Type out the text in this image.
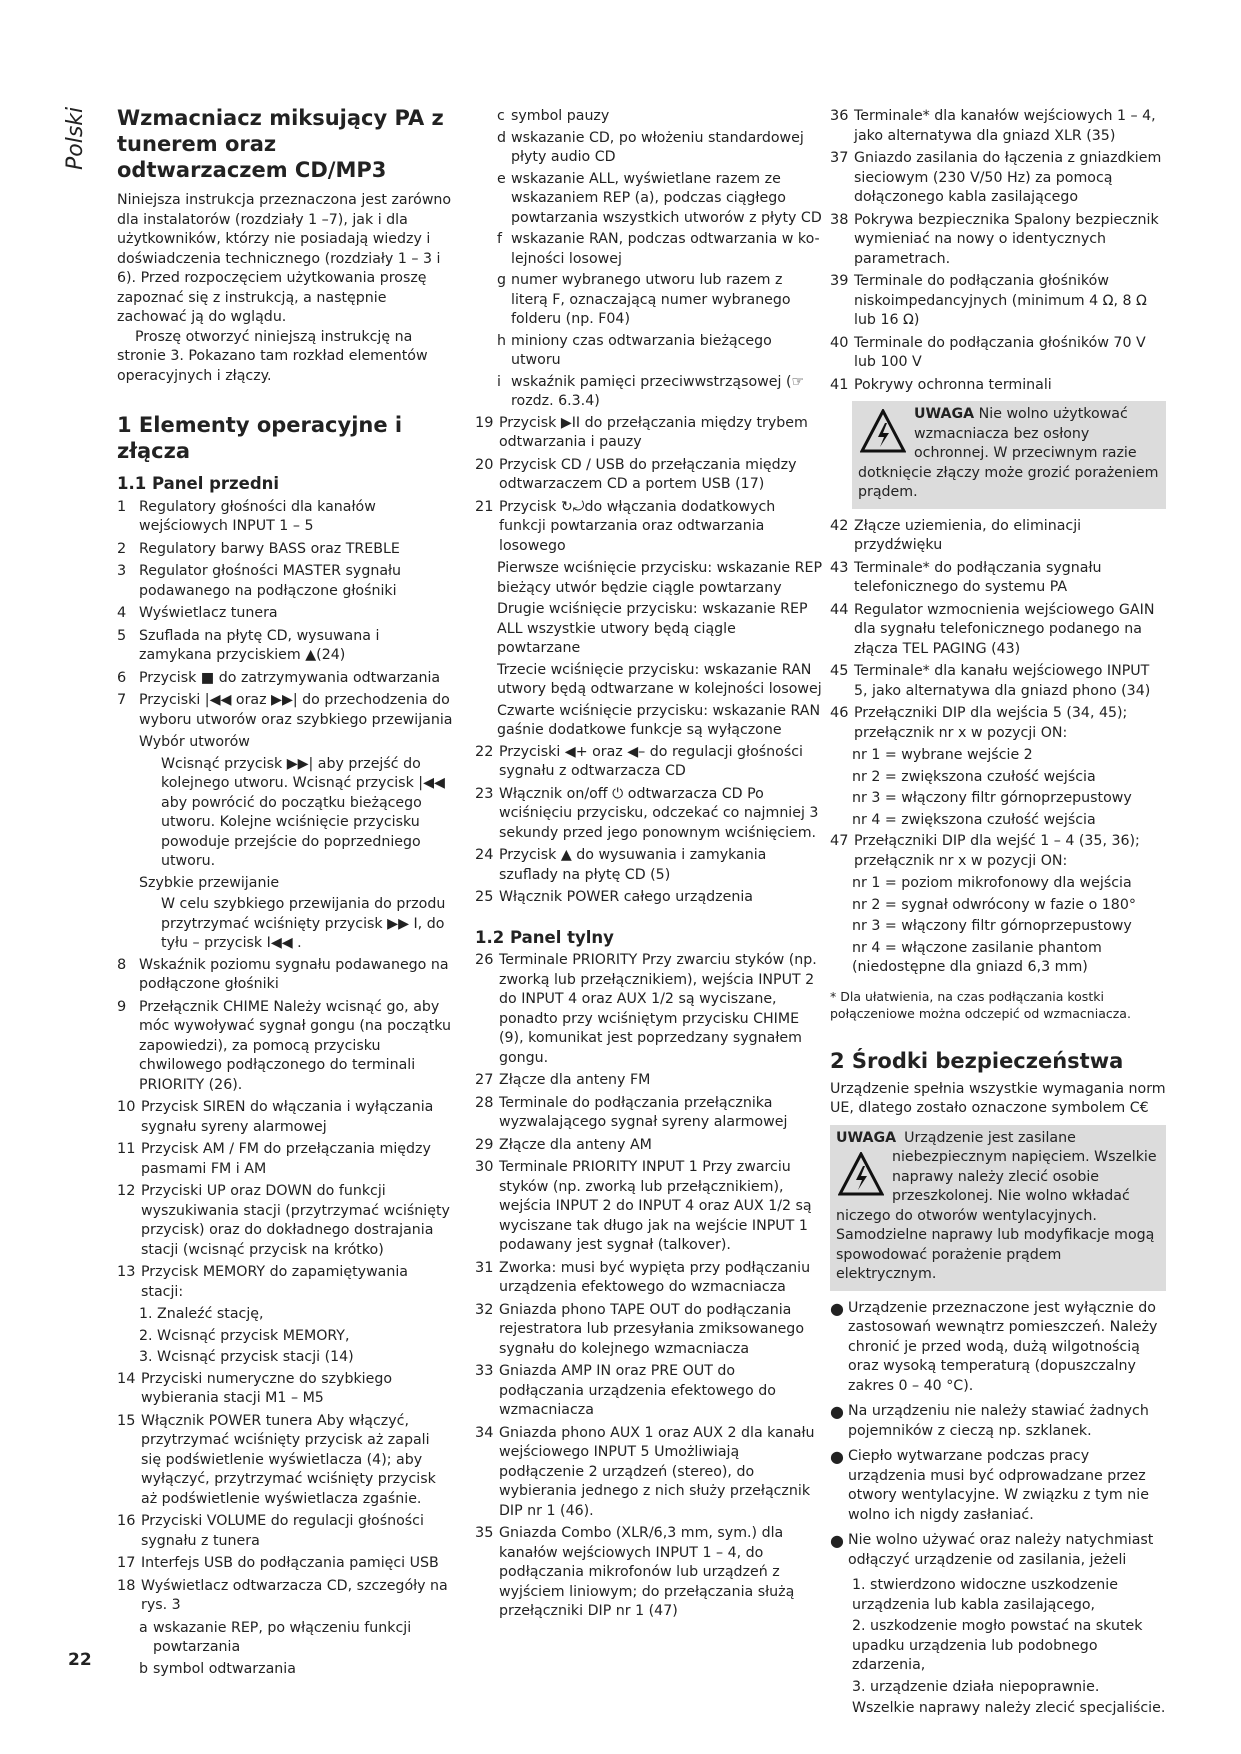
Polski
22
Wzmacniacz miksujący PA z tunerem oraz odtwarzaczem CD/MP3

Niniejsza instrukcja przeznaczona jest zarówno dla instalatorów (rozdziały 1 –7), jak i dla użytkowników, którzy nie posiadają wiedzy i doświadczenia technicznego (rozdziały 1 – 3 i 6). Przed rozpoczęciem użytkowania proszę zapoznać się z instrukcją, a następnie zachować ją do wglądu.

Proszę otworzyć niniejszą instrukcję na stronie 3. Pokazano tam rozkład elementów operacyjnych i złączy.

1 Elementy operacyjne i złącza
1.1 Panel przedni
1 Regulatory głośności dla kanałów wejściowych INPUT 1 – 5
2 Regulatory barwy BASS oraz TREBLE
3 Regulator głośności MASTER sygnału podawanego na podłączone głośniki
4 Wyświetlacz tunera
5 Szuflada na płytę CD, wysuwana i zamykana przyciskiem ▲(24)
6 Przycisk ■ do zatrzymywania odtwarzania
7 Przyciski |◀◀ oraz ▶▶| do przechodzenia do wyboru utworów oraz szybkiego przewijania
Wybór utworów
Wcisnąć przycisk ▶▶| aby przejść do kolejnego utworu. Wcisnąć przycisk |◀◀ aby powrócić do początku bieżącego utworu. Kolejne wciśnięcie przycisku powoduje przejście do poprzedniego utworu.
Szybkie przewijanie
W celu szybkiego przewijania do przodu przytrzymać wciśnięty przycisk ▶▶ I, do tyłu – przycisk I◀◀ .
8 Wskaźnik poziomu sygnału podawanego na podłączone głośniki
9 Przełącznik CHIME Należy wcisnąć go, aby móc wywoływać sygnał gongu (na początku zapowiedzi), za pomocą przycisku chwilowego podłączonego do terminali PRIORITY (26).
10 Przycisk SIREN do włączania i wyłączania sygnału syreny alarmowej
11 Przycisk AM / FM do przełączania między pasmami FM i AM
12 Przyciski UP oraz DOWN do funkcji wyszukiwania stacji (przytrzymać wciśnięty przycisk) oraz do dokładnego dostrajania stacji (wcisnąć przycisk na krótko)
13 Przycisk MEMORY do zapamiętywania stacji:
1. Znaleźć stację,
2. Wcisnąć przycisk MEMORY,
3. Wcisnąć przycisk stacji (14)
14 Przyciski numeryczne do szybkiego wybierania stacji M1 – M5
15 Włącznik POWER tunera Aby włączyć, przytrzymać wciśnięty przycisk aż zapali się podświetlenie wyświetlacza (4); aby wyłączyć, przytrzymać wciśnięty przycisk aż podświetlenie wyświetlacza zgaśnie.
16 Przyciski VOLUME do regulacji głośności sygnału z tunera
17 Interfejs USB do podłączania pamięci USB
18 Wyświetlacz odtwarzacza CD, szczegóły na rys. 3
a wskazanie REP, po włączeniu funkcji powtarzania
b symbol odtwarzania
c symbol pauzy
d wskazanie CD, po włożeniu standardowej płyty audio CD
e wskazanie ALL, wyświetlane razem ze wskazaniem REP (a), podczas ciągłego powtarzania wszystkich utworów z płyty CD
f wskazanie RAN, podczas odtwarzania w ko-lejności losowej
g numer wybranego utworu lub razem z literą F, oznaczającą numer wybranego folderu (np. F04)
h miniony czas odtwarzania bieżącego utworu
i wskaźnik pamięci przeciwwstrząsowej (☞ rozdz. 6.3.4)
19 Przycisk ▶II do przełączania między trybem odtwarzania i pauzy
20 Przycisk CD / USB do przełączania między odtwarzaczem CD a portem USB (17)
21 Przycisk ↻⤾do włączania dodatkowych funkcji powtarzania oraz odtwarzania losowego
Pierwsze wciśnięcie przycisku: wskazanie REP bieżący utwór będzie ciągle powtarzany
Drugie wciśnięcie przycisku: wskazanie REP ALL wszystkie utwory będą ciągle powtarzane
Trzecie wciśnięcie przycisku: wskazanie RAN utwory będą odtwarzane w kolejności losowej
Czwarte wciśnięcie przycisku: wskazanie RAN gaśnie dodatkowe funkcje są wyłączone
22 Przyciski ◀+ oraz ◀– do regulacji głośności sygnału z odtwarzacza CD
23 Włącznik on/off ⏻ odtwarzacza CD Po wciśnięciu przycisku, odczekać co najmniej 3 sekundy przed jego ponownym wciśnięciem.
24 Przycisk ▲ do wysuwania i zamykania szuflady na płytę CD (5)
25 Włącznik POWER całego urządzenia
1.2 Panel tylny
26 Terminale PRIORITY Przy zwarciu styków (np. zworką lub przełącznikiem), wejścia INPUT 2 do INPUT 4 oraz AUX 1/2 są wyciszane, ponadto przy wciśniętym przycisku CHIME (9), komunikat jest poprzedzany sygnałem gongu.
27 Złącze dla anteny FM
28 Terminale do podłączania przełącznika wyzwalającego sygnał syreny alarmowej
29 Złącze dla anteny AM
30 Terminale PRIORITY INPUT 1 Przy zwarciu styków (np. zworką lub przełącznikiem), wejścia INPUT 2 do INPUT 4 oraz AUX 1/2 są wyciszane tak długo jak na wejście INPUT 1 podawany jest sygnał (talkover).
31 Zworka: musi być wypięta przy podłączaniu urządzenia efektowego do wzmacniacza
32 Gniazda phono TAPE OUT do podłączania rejestratora lub przesyłania zmiksowanego sygnału do kolejnego wzmacniacza
33 Gniazda AMP IN oraz PRE OUT do podłączania urządzenia efektowego do wzmacniacza
34 Gniazda phono AUX 1 oraz AUX 2 dla kanału wejściowego INPUT 5 Umożliwiają podłączenie 2 urządzeń (stereo), do wybierania jednego z nich służy przełącznik DIP nr 1 (46).
35 Gniazda Combo (XLR/6,3 mm, sym.) dla kanałów wejściowych INPUT 1 – 4, do podłączania mikrofonów lub urządzeń z wyjściem liniowym; do przełączania służą przełączniki DIP nr 1 (47)
36 Terminale* dla kanałów wejściowych 1 – 4, jako alternatywa dla gniazd XLR (35)
37 Gniazdo zasilania do łączenia z gniazdkiem sieciowym (230 V/50 Hz) za pomocą dołączonego kabla zasilającego
38 Pokrywa bezpiecznika Spalony bezpiecznik wymieniać na nowy o identycznych parametrach.
39 Terminale do podłączania głośników niskoimpedancyjnych (minimum 4 Ω, 8 Ω lub 16 Ω)
40 Terminale do podłączania głośników 70 V lub 100 V
41 Pokrywy ochronna terminali
UWAGA Nie wolno użytkować wzmacniacza bez osłony ochronnej. W przeciwnym razie dotknięcie złączy może grozić porażeniem prądem.
42 Złącze uziemienia, do eliminacji przydźwięku
43 Terminale* do podłączania sygnału telefonicznego do systemu PA
44 Regulator wzmocnienia wejściowego GAIN dla sygnału telefonicznego podanego na złącza TEL PAGING (43)
45 Terminale* dla kanału wejściowego INPUT 5, jako alternatywa dla gniazd phono (34)
46 Przełączniki DIP dla wejścia 5 (34, 45); przełącznik nr x w pozycji ON:
nr 1 = wybrane wejście 2
nr 2 = zwiększona czułość wejścia
nr 3 = włączony filtr górnoprzepustowy
nr 4 = zwiększona czułość wejścia
47 Przełączniki DIP dla wejść 1 – 4 (35, 36); przełącznik nr x w pozycji ON:
nr 1 = poziom mikrofonowy dla wejścia
nr 2 = sygnał odwrócony w fazie o 180°
nr 3 = włączony filtr górnoprzepustowy
nr 4 = włączone zasilanie phantom (niedostępne dla gniazd 6,3 mm)

* Dla ułatwienia, na czas podłączania kostki połączeniowe można odczepić od wzmacniacza.

2 Środki bezpieczeństwa

Urządzenie spełnia wszystkie wymagania norm UE, dlatego zostało oznaczone symbolem C€

UWAGA Urządzenie jest zasilane niebezpiecznym napięciem. Wszelkie naprawy należy zlecić osobie przeszkolonej. Nie wolno wkładać niczego do otworów wentylacyjnych. Samodzielne naprawy lub modyfikacje mogą spowodować porażenie prądem elektrycznym.
● Urządzenie przeznaczone jest wyłącznie do zastosowań wewnątrz pomieszczeń. Należy chronić je przed wodą, dużą wilgotnością oraz wysoką temperaturą (dopuszczalny zakres 0 – 40 °C).
● Na urządzeniu nie należy stawiać żadnych pojemników z cieczą np. szklanek.
● Ciepło wytwarzane podczas pracy urządzenia musi być odprowadzane przez otwory wentylacyjne. W związku z tym nie wolno ich nigdy zasłaniać.
● Nie wolno używać oraz należy natychmiast odłączyć urządzenie od zasilania, jeżeli
1. stwierdzono widoczne uszkodzenie urządzenia lub kabla zasilającego,
2. uszkodzenie mogło powstać na skutek upadku urządzenia lub podobnego zdarzenia,
3. urządzenie działa niepoprawnie.

Wszelkie naprawy należy zlecić specjaliście.
